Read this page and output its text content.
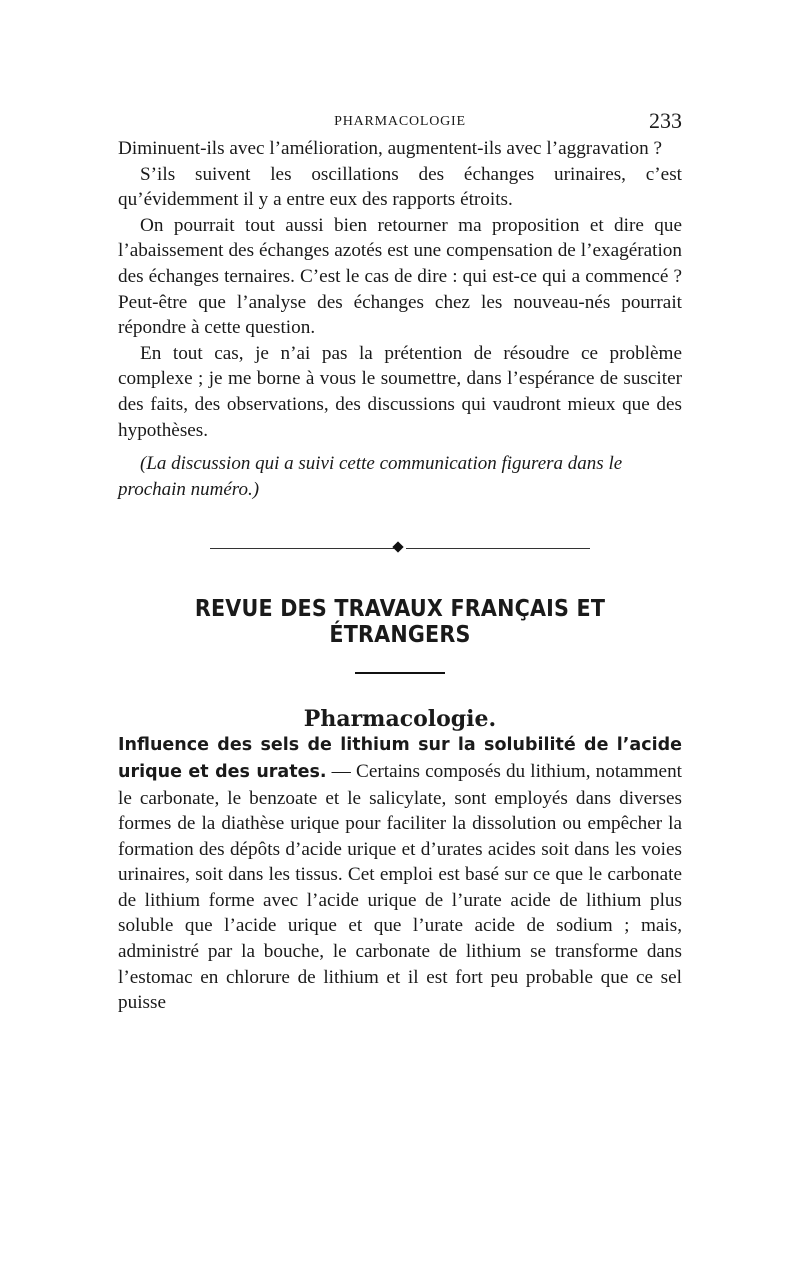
PHARMACOLOGIE	233

Diminuent-ils avec l’amélioration, augmentent-ils avec l’aggravation ?

S’ils suivent les oscillations des échanges urinaires, c’est qu’évidemment il y a entre eux des rapports étroits.

On pourrait tout aussi bien retourner ma proposition et dire que l’abaissement des échanges azotés est une compensation de l’exagération des échanges ternaires. C’est le cas de dire : qui est-ce qui a commencé ? Peut-être que l’analyse des échanges chez les nouveau-nés pourrait répondre à cette question.

En tout cas, je n’ai pas la prétention de résoudre ce problème complexe ; je me borne à vous le soumettre, dans l’espérance de susciter des faits, des observations, des discussions qui vaudront mieux que des hypothèses.

(La discussion qui a suivi cette communication figurera dans le prochain numéro.)

REVUE DES TRAVAUX FRANÇAIS ET ÉTRANGERS
Pharmacologie.

Influence des sels de lithium sur la solubilité de l’acide urique et des urates. — Certains composés du lithium, notamment le carbonate, le benzoate et le salicylate, sont employés dans diverses formes de la diathèse urique pour faciliter la dissolution ou empêcher la formation des dépôts d’acide urique et d’urates acides soit dans les voies urinaires, soit dans les tissus. Cet emploi est basé sur ce que le carbonate de lithium forme avec l’acide urique de l’urate acide de lithium plus soluble que l’acide urique et que l’urate acide de sodium ; mais, administré par la bouche, le carbonate de lithium se transforme dans l’estomac en chlorure de lithium et il est fort peu probable que ce sel puisse
